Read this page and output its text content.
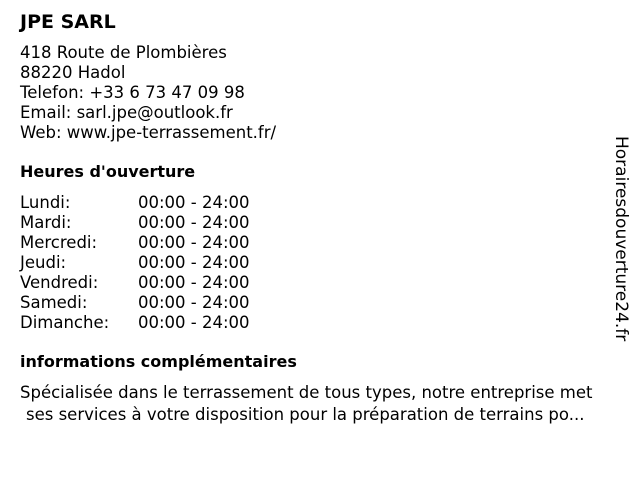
JPE SARL
418 Route de Plombières
88220 Hadol
Telefon: +33 6 73 47 09 98
Email: sarl.jpe@outlook.fr
Web: www.jpe-terrassement.fr/
Heures d'ouverture
Lundi:	00:00 - 24:00
Mardi:	00:00 - 24:00
Mercredi:	00:00 - 24:00
Jeudi:	00:00 - 24:00
Vendredi:	00:00 - 24:00
Samedi:	00:00 - 24:00
Dimanche:	00:00 - 24:00
informations complémentaires
Spécialisée dans le terrassement de tous types, notre entreprise met
ses services à votre disposition pour la préparation de terrains po...
Horairesdouverture24.fr
